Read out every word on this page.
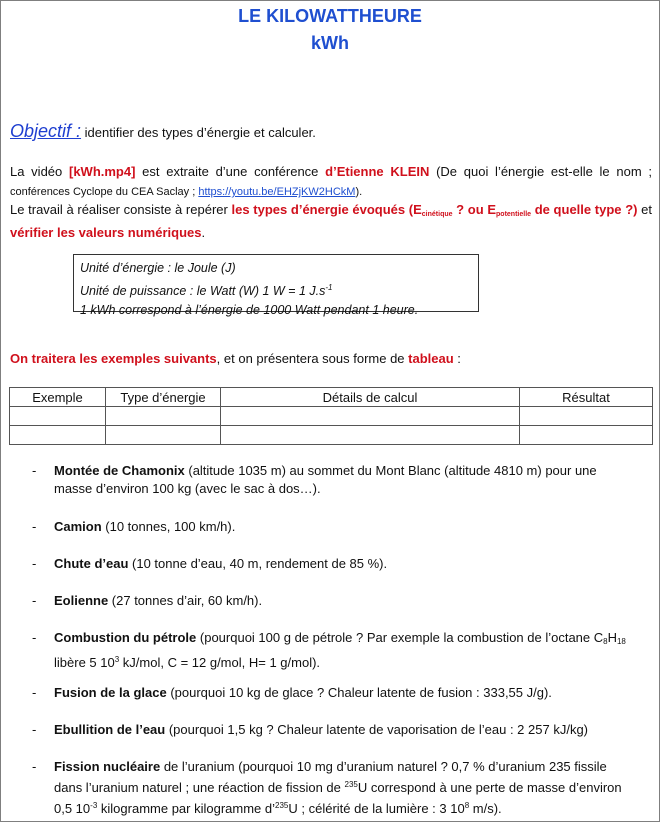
LE KILOWATTHEURE
kWh
Objectif : identifier des types d’énergie et calculer.
La vidéo [kWh.mp4] est extraite d’une conférence d’Etienne KLEIN (De quoi l’énergie est-elle le nom ; conférences Cyclope du CEA Saclay ; https://youtu.be/EHZjKW2HCkM).
Le travail à réaliser consiste à repérer les types d’énergie évoqués ($E_{cinétique}$ ? ou $E_{potentielle}$ de quelle type ?) et vérifier les valeurs numériques.
Unité d’énergie : le Joule (J)
Unité de puissance : le Watt (W) 1 W = 1 $J.s^{-1}$
1 kWh correspond à l’énergie de 1000 Watt pendant 1 heure.
On traitera les exemples suivants, et on présentera sous forme de tableau :
Exemple	Type d’énergie	Détails de calcul	Résultat

- Montée de Chamonix (altitude 1035 m) au sommet du Mont Blanc (altitude 4810 m) pour une masse d’environ 100 kg (avec le sac à dos…).
- Camion (10 tonnes, 100 km/h).
- Chute d’eau (10 tonne d’eau, 40 m, rendement de 85 %).
- Eolienne (27 tonnes d’air, 60 km/h).
- Combustion du pétrole (pourquoi 100 g de pétrole ? Par exemple la combustion de l’octane $C_8H_{18}$ libère 5 $10^3$ kJ/mol, C = 12 g/mol, H= 1 g/mol).
- Fusion de la glace (pourquoi 10 kg de glace ? Chaleur latente de fusion : 333,55 J/g).
- Ebullition de l’eau (pourquoi 1,5 kg ? Chaleur latente de vaporisation de l’eau : 2 257 kJ/kg)
- Fission nucléaire de l’uranium (pourquoi 10 mg d’uranium naturel ? 0,7 % d’uranium 235 fissile dans l’uranium naturel ; une réaction de fission de $^{235}$U correspond à une perte de masse d’environ 0,5 $10^{-3}$ kilogramme par kilogramme d’$^{235}$U ; célérité de la lumière : 3 $10^8$ m/s).
